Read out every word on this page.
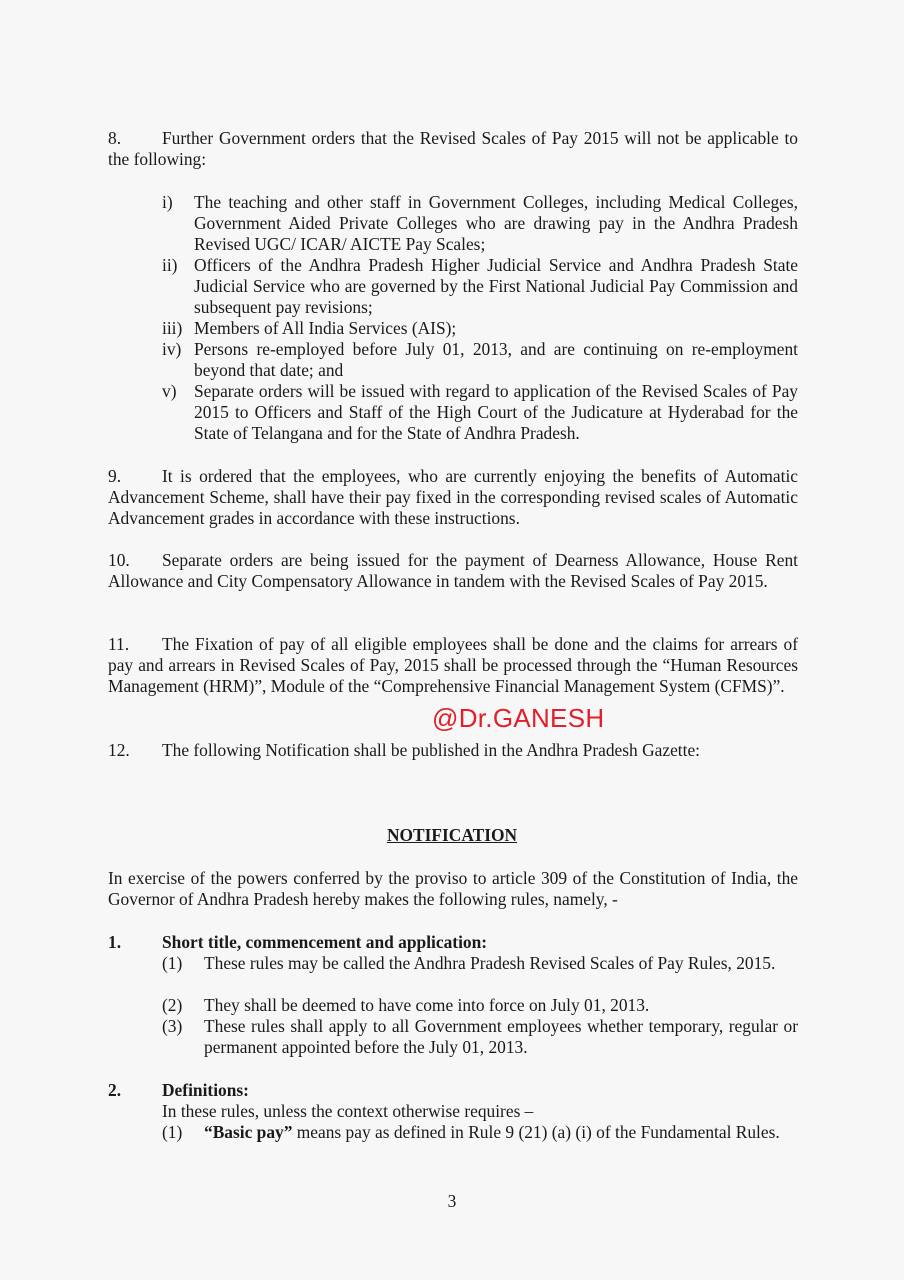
8. Further Government orders that the Revised Scales of Pay 2015 will not be applicable to the following:
i) The teaching and other staff in Government Colleges, including Medical Colleges, Government Aided Private Colleges who are drawing pay in the Andhra Pradesh Revised UGC/ ICAR/ AICTE Pay Scales;
ii) Officers of the Andhra Pradesh Higher Judicial Service and Andhra Pradesh State Judicial Service who are governed by the First National Judicial Pay Commission and subsequent pay revisions;
iii) Members of All India Services (AIS);
iv) Persons re-employed before July 01, 2013, and are continuing on re-employment beyond that date; and
v) Separate orders will be issued with regard to application of the Revised Scales of Pay 2015 to Officers and Staff of the High Court of the Judicature at Hyderabad for the State of Telangana and for the State of Andhra Pradesh.
9. It is ordered that the employees, who are currently enjoying the benefits of Automatic Advancement Scheme, shall have their pay fixed in the corresponding revised scales of Automatic Advancement grades in accordance with these instructions.
10. Separate orders are being issued for the payment of Dearness Allowance, House Rent Allowance and City Compensatory Allowance in tandem with the Revised Scales of Pay 2015.
11. The Fixation of pay of all eligible employees shall be done and the claims for arrears of pay and arrears in Revised Scales of Pay, 2015 shall be processed through the “Human Resources Management (HRM)”, Module of the “Comprehensive Financial Management System (CFMS)”.
@Dr.GANESH
12. The following Notification shall be published in the Andhra Pradesh Gazette:
NOTIFICATION
In exercise of the powers conferred by the proviso to article 309 of the Constitution of India, the Governor of Andhra Pradesh hereby makes the following rules, namely, -
1. Short title, commencement and application:
(1) These rules may be called the Andhra Pradesh Revised Scales of Pay Rules, 2015.
(2) They shall be deemed to have come into force on July 01, 2013.
(3) These rules shall apply to all Government employees whether temporary, regular or permanent appointed before the July 01, 2013.
2. Definitions:
In these rules, unless the context otherwise requires –
(1) “Basic pay” means pay as defined in Rule 9 (21) (a) (i) of the Fundamental Rules.
3
